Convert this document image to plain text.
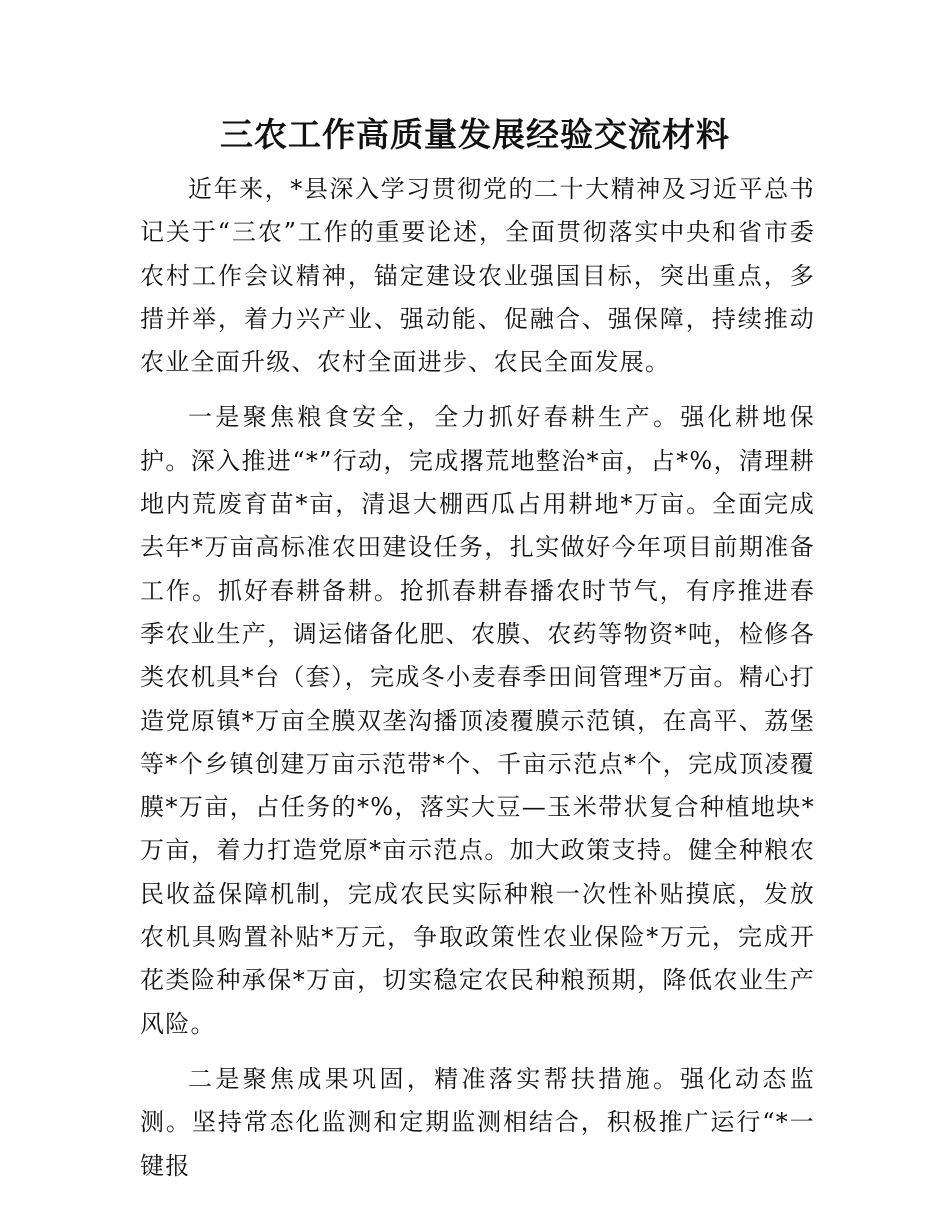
三农工作高质量发展经验交流材料

近年来，*县深入学习贯彻党的二十大精神及习近平总书记关于“三农”工作的重要论述，全面贯彻落实中央和省市委农村工作会议精神，锚定建设农业强国目标，突出重点，多措并举，着力兴产业、强动能、促融合、强保障，持续推动农业全面升级、农村全面进步、农民全面发展。

一是聚焦粮食安全，全力抓好春耕生产。强化耕地保护。深入推进“*”行动，完成撂荒地整治*亩，占*%，清理耕地内荒废育苗*亩，清退大棚西瓜占用耕地*万亩。全面完成去年*万亩高标准农田建设任务，扎实做好今年项目前期准备工作。抓好春耕备耕。抢抓春耕春播农时节气，有序推进春季农业生产，调运储备化肥、农膜、农药等物资*吨，检修各类农机具*台（套），完成冬小麦春季田间管理*万亩。精心打造党原镇*万亩全膜双垄沟播顶凌覆膜示范镇，在高平、荔堡等*个乡镇创建万亩示范带*个、千亩示范点*个，完成顶凌覆膜*万亩，占任务的*%，落实大豆—玉米带状复合种植地块*万亩，着力打造党原*亩示范点。加大政策支持。健全种粮农民收益保障机制，完成农民实际种粮一次性补贴摸底，发放农机具购置补贴*万元，争取政策性农业保险*万元，完成开花类险种承保*万亩，切实稳定农民种粮预期，降低农业生产风险。

二是聚焦成果巩固，精准落实帮扶措施。强化动态监测。坚持常态化监测和定期监测相结合，积极推广运行“*一键报
